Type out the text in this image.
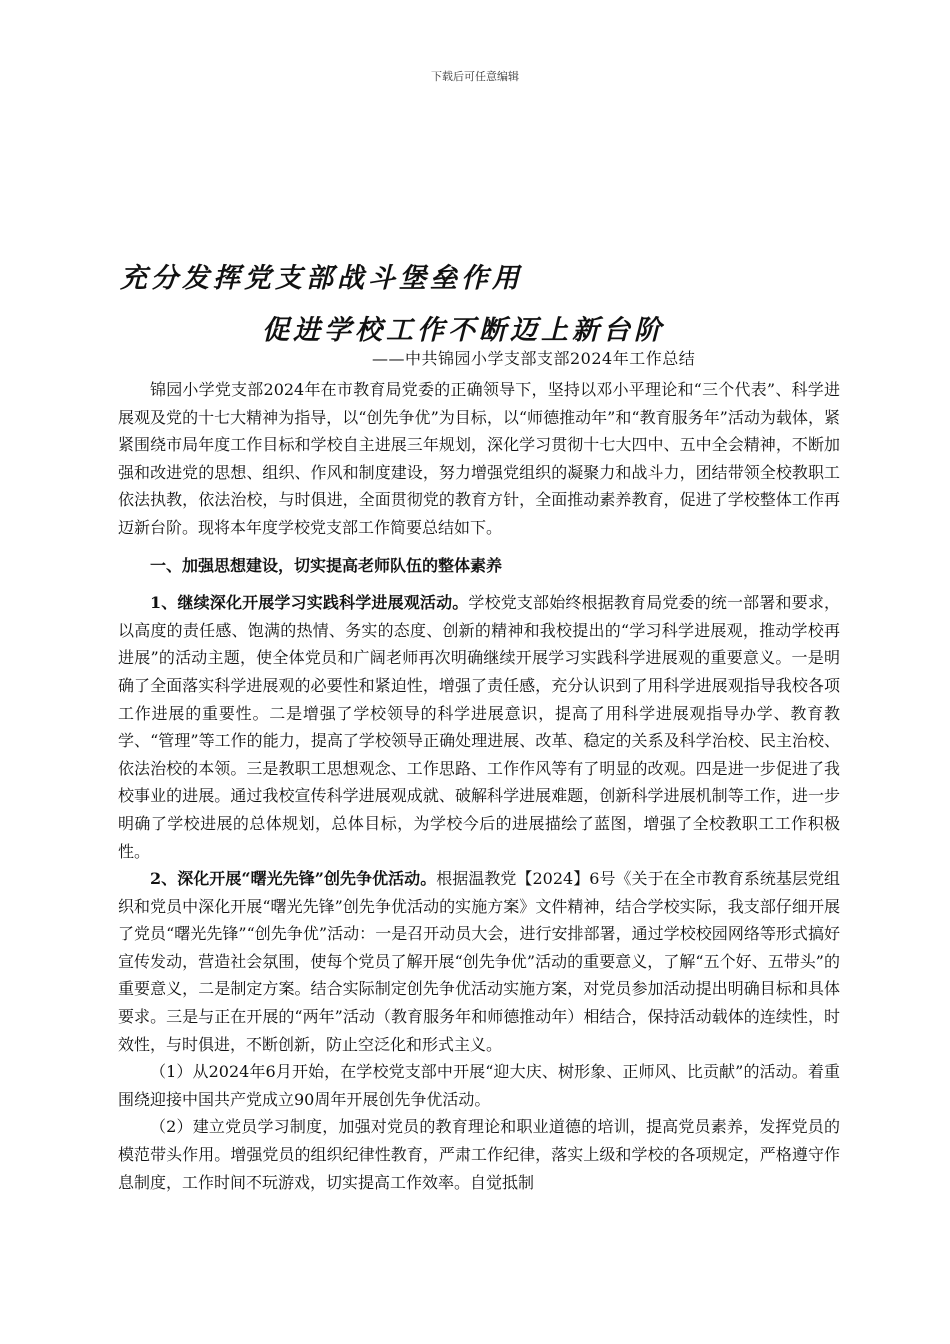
下载后可任意编辑
充分发挥党支部战斗堡垒作用
促进学校工作不断迈上新台阶
——中共锦园小学支部支部2024年工作总结

锦园小学党支部2024年在市教育局党委的正确领导下，坚持以邓小平理论和“三个代表”、科学进展观及党的十七大精神为指导，以“创先争优”为目标，以“师德推动年”和“教育服务年”活动为载体，紧紧围绕市局年度工作目标和学校自主进展三年规划，深化学习贯彻十七大四中、五中全会精神，不断加强和改进党的思想、组织、作风和制度建设，努力增强党组织的凝聚力和战斗力，团结带领全校教职工依法执教，依法治校，与时俱进，全面贯彻党的教育方针，全面推动素养教育，促进了学校整体工作再迈新台阶。现将本年度学校党支部工作简要总结如下。

一、加强思想建设，切实提高老师队伍的整体素养

1、继续深化开展学习实践科学进展观活动。学校党支部始终根据教育局党委的统一部署和要求，以高度的责任感、饱满的热情、务实的态度、创新的精神和我校提出的“学习科学进展观，推动学校再进展”的活动主题，使全体党员和广阔老师再次明确继续开展学习实践科学进展观的重要意义。一是明确了全面落实科学进展观的必要性和紧迫性，增强了责任感，充分认识到了用科学进展观指导我校各项工作进展的重要性。二是增强了学校领导的科学进展意识，提高了用科学进展观指导办学、教育教学、“管理”等工作的能力，提高了学校领导正确处理进展、改革、稳定的关系及科学治校、民主治校、依法治校的本领。三是教职工思想观念、工作思路、工作作风等有了明显的改观。四是进一步促进了我校事业的进展。通过我校宣传科学进展观成就、破解科学进展难题，创新科学进展机制等工作，进一步明确了学校进展的总体规划，总体目标，为学校今后的进展描绘了蓝图，增强了全校教职工工作积极性。

2、深化开展“曙光先锋”创先争优活动。根据温教党【2024】6号《关于在全市教育系统基层党组织和党员中深化开展“曙光先锋”创先争优活动的实施方案》文件精神，结合学校实际，我支部仔细开展了党员“曙光先锋”“创先争优”活动：一是召开动员大会，进行安排部署，通过学校校园网络等形式搞好宣传发动，营造社会氛围，使每个党员了解开展“创先争优”活动的重要意义，了解“五个好、五带头”的重要意义，二是制定方案。结合实际制定创先争优活动实施方案，对党员参加活动提出明确目标和具体要求。三是与正在开展的“两年”活动（教育服务年和师德推动年）相结合，保持活动载体的连续性，时效性，与时俱进，不断创新，防止空泛化和形式主义。

（1）从2024年6月开始，在学校党支部中开展“迎大庆、树形象、正师风、比贡献”的活动。着重围绕迎接中国共产党成立90周年开展创先争优活动。

（2）建立党员学习制度，加强对党员的教育理论和职业道德的培训，提高党员素养，发挥党员的模范带头作用。增强党员的组织纪律性教育，严肃工作纪律，落实上级和学校的各项规定，严格遵守作息制度，工作时间不玩游戏，切实提高工作效率。自觉抵制
